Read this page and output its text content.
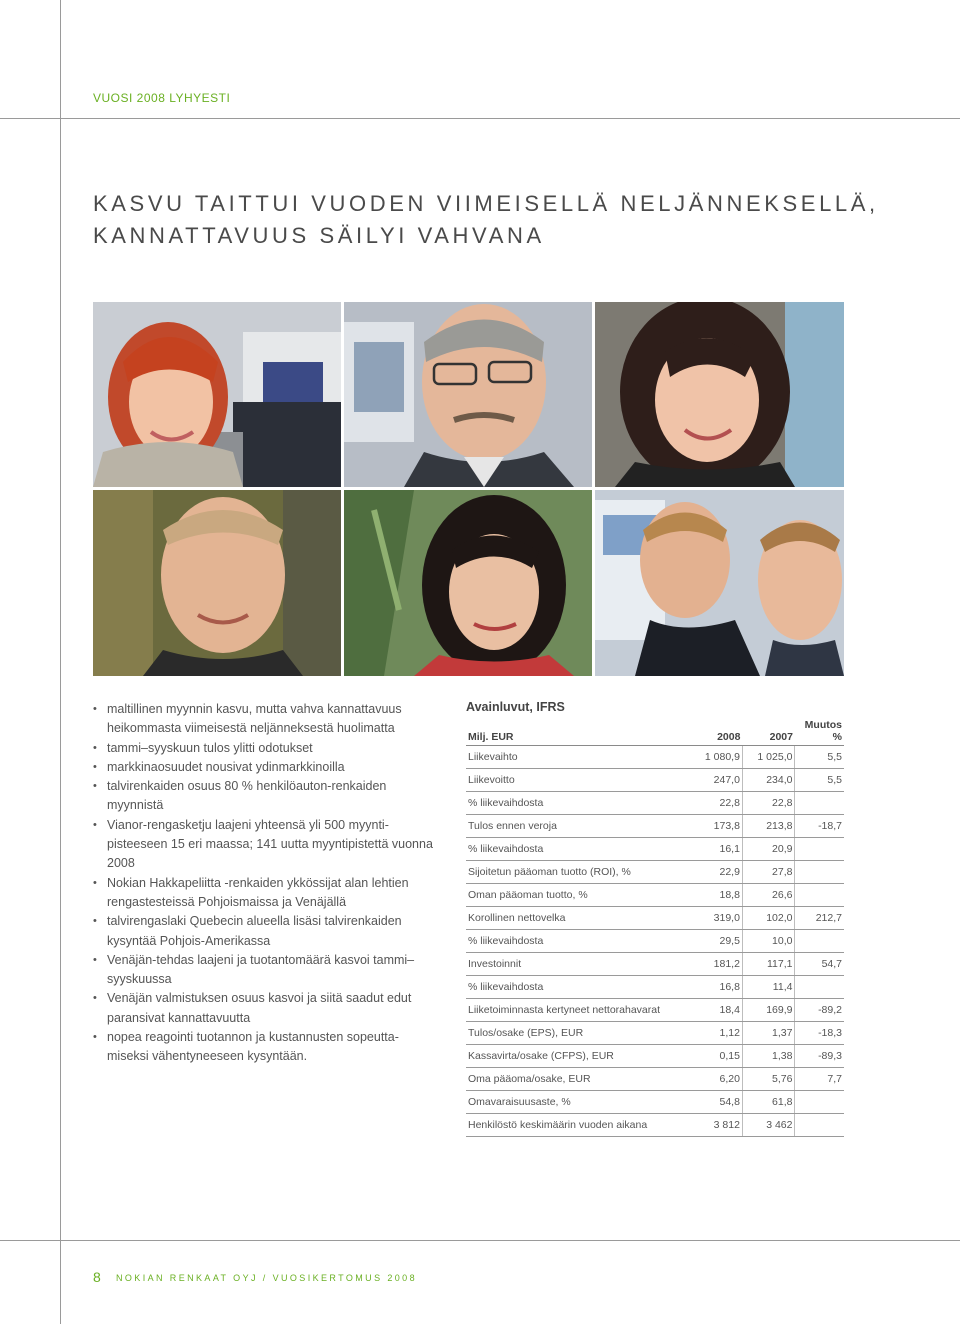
VUOSI 2008 LYHYESTI
KASVU TAITTUI VUODEN VIIMEISELLÄ NELJÄNNEKSELLÄ,
KANNATTAVUUS SÄILYI VAHVANA
• maltillinen myynnin kasvu, mutta vahva kannattavuus heikommasta viimeisestä neljänneksestä huolimatta
• tammi–syyskuun tulos ylitti odotukset
• markkinaosuudet nousivat ydinmarkkinoilla
• talvirenkaiden osuus 80 % henkilöauton-renkaiden myynnistä
• Vianor-rengasketju laajeni yhteensä yli 500 myynti-pisteeseen 15 eri maassa; 141 uutta myyntipistettä vuonna 2008
• Nokian Hakkapeliitta -renkaiden ykkössijat alan lehtien rengastesteissä Pohjoismaissa ja Venäjällä
• talvirengaslaki Quebecin alueella lisäsi talvirenkaiden kysyntää Pohjois-Amerikassa
• Venäjän-tehdas laajeni ja tuotantomäärä kasvoi tammi–syyskuussa
• Venäjän valmistuksen osuus kasvoi ja siitä saadut edut paransivat kannattavuutta
• nopea reagointi tuotannon ja kustannusten sopeutta-miseksi vähentyneeseen kysyntään.
Avainluvut, IFRS
Milj. EUR	2008	2007	Muutos
%
Liikevaihto	1 080,9	1 025,0	5,5
Liikevoitto	247,0	234,0	5,5
% liikevaihdosta	22,8	22,8	
Tulos ennen veroja	173,8	213,8	-18,7
% liikevaihdosta	16,1	20,9	
Sijoitetun pääoman tuotto (ROI), %	22,9	27,8	
Oman pääoman tuotto, %	18,8	26,6	
Korollinen nettovelka	319,0	102,0	212,7
% liikevaihdosta	29,5	10,0	
Investoinnit	181,2	117,1	54,7
% liikevaihdosta	16,8	11,4	
Liiketoiminnasta kertyneet nettorahavarat	18,4	169,9	-89,2
Tulos/osake (EPS), EUR	1,12	1,37	-18,3
Kassavirta/osake (CFPS), EUR	0,15	1,38	-89,3
Oma pääoma/osake, EUR	6,20	5,76	7,7
Omavaraisuusaste, %	54,8	61,8	
Henkilöstö keskimäärin vuoden aikana	3 812	3 462	
8 NOKIAN RENKAAT OYJ / VUOSIKERTOMUS 2008
